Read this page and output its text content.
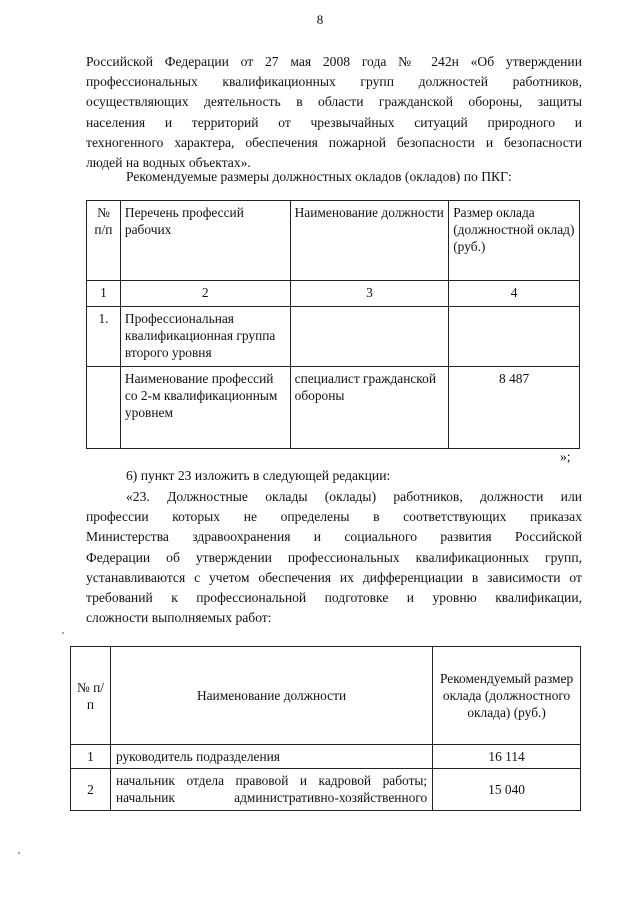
8
Российской Федерации от 27 мая 2008 года № 242н «Об утверждении
профессиональных квалификационных групп должностей работников,
осуществляющих деятельность в области гражданской обороны, защиты
населения и территорий от чрезвычайных ситуаций природного и
техногенного характера, обеспечения пожарной безопасности и безопасности
людей на водных объектах».
Рекомендуемые размеры должностных окладов (окладов) по ПКГ:
№ п/п	Перечень профессий рабочих	Наименование должности	Размер оклада (должностной оклад) (руб.)
1	2	3	4
1.	Профессиональная квалификационная группа второго уровня		
	Наименование профессий со 2-м квалификационным уровнем	специалист гражданской обороны	8 487
»;
6) пункт 23 изложить в следующей редакции:
«23. Должностные оклады (оклады) работников, должности или
профессии которых не определены в соответствующих приказах
Министерства здравоохранения и социального развития Российской
Федерации об утверждении профессиональных квалификационных групп,
устанавливаются с учетом обеспечения их дифференциации в зависимости от
требований к профессиональной подготовке и уровню квалификации,
сложности выполняемых работ:
№ п/п	Наименование должности	Рекомендуемый размер оклада (должностного оклада) (руб.)
1	руководитель подразделения	16 114
2	начальник отдела правовой и кадровой работы; начальник административно-хозяйственного	15 040
